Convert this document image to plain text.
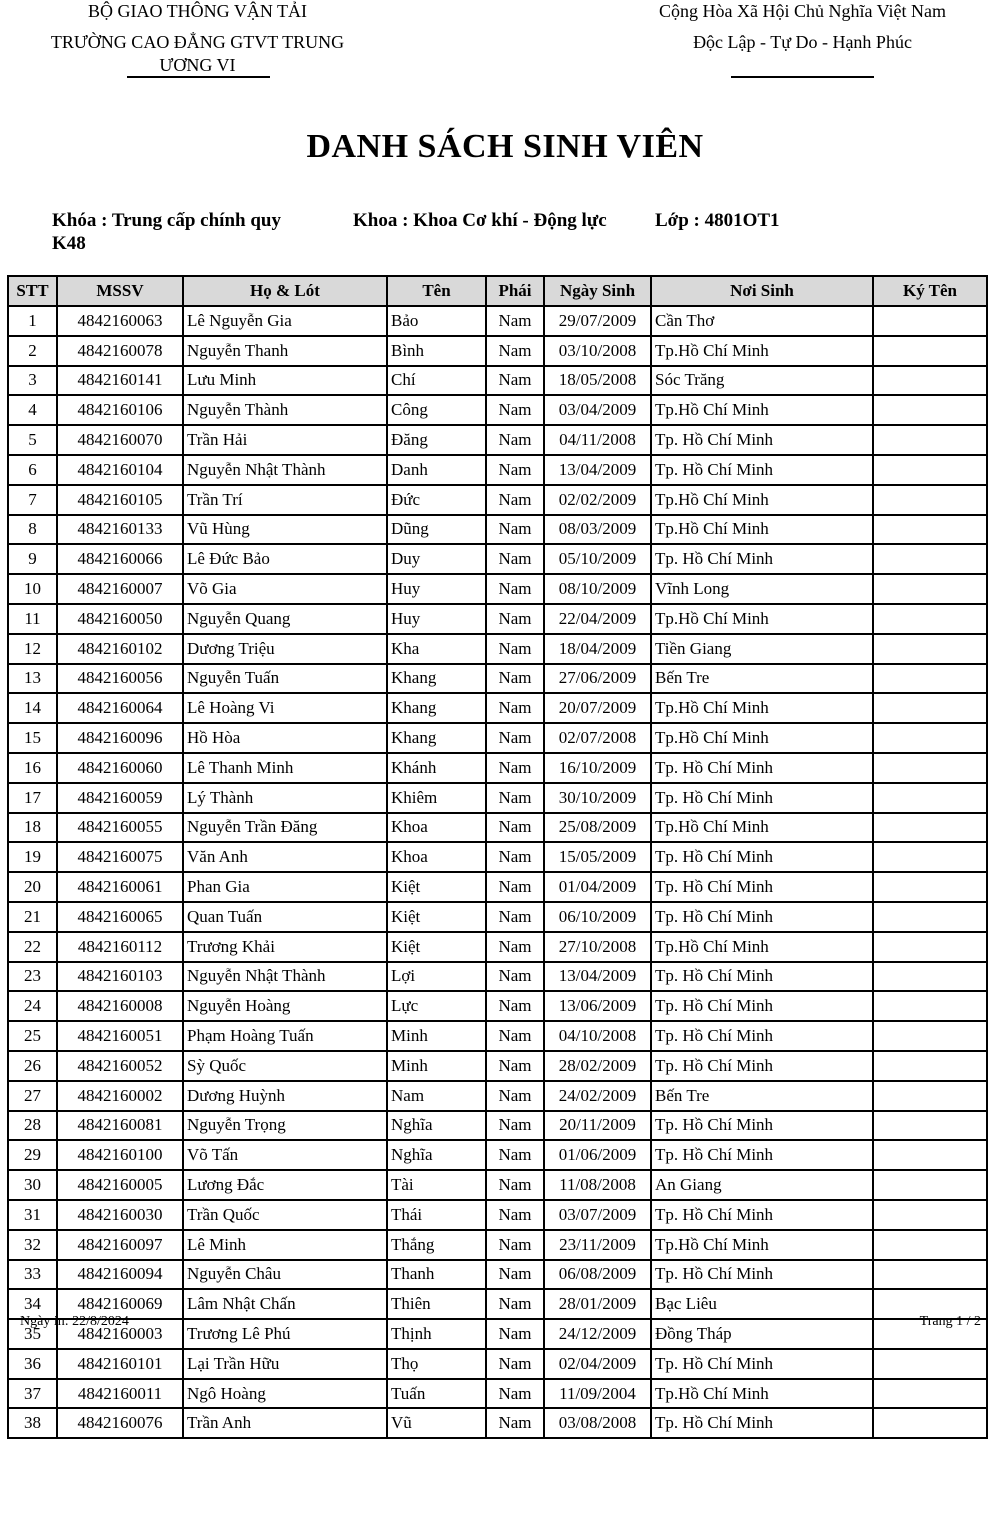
BỘ GIAO THÔNG VẬN TẢI
TRƯỜNG CAO ĐẲNG GTVT TRUNG
ƯƠNG VI
Cộng Hòa Xã Hội Chủ Nghĩa Việt Nam
Độc Lập - Tự Do - Hạnh Phúc
DANH SÁCH SINH VIÊN
Khóa : Trung cấp chính quy
K48
Khoa : Khoa Cơ khí - Động lực	Lớp : 4801OT1
STT	MSSV	Họ & Lót	Tên	Phái	Ngày Sinh	Nơi Sinh	Ký Tên
1	4842160063	Lê Nguyễn Gia	Bảo	Nam	29/07/2009	Cần Thơ	
2	4842160078	Nguyễn Thanh	Bình	Nam	03/10/2008	Tp.Hồ Chí Minh	
3	4842160141	Lưu Minh	Chí	Nam	18/05/2008	Sóc Trăng	
4	4842160106	Nguyễn Thành	Công	Nam	03/04/2009	Tp.Hồ Chí Minh	
5	4842160070	Trần Hải	Đăng	Nam	04/11/2008	Tp. Hồ Chí Minh	
6	4842160104	Nguyễn Nhật Thành	Danh	Nam	13/04/2009	Tp. Hồ Chí Minh	
7	4842160105	Trần Trí	Đức	Nam	02/02/2009	Tp.Hồ Chí Minh	
8	4842160133	Vũ Hùng	Dũng	Nam	08/03/2009	Tp.Hồ Chí Minh	
9	4842160066	Lê Đức Bảo	Duy	Nam	05/10/2009	Tp. Hồ Chí Minh	
10	4842160007	Võ Gia	Huy	Nam	08/10/2009	Vĩnh Long	
11	4842160050	Nguyễn Quang	Huy	Nam	22/04/2009	Tp.Hồ Chí Minh	
12	4842160102	Dương Triệu	Kha	Nam	18/04/2009	Tiền Giang	
13	4842160056	Nguyễn Tuấn	Khang	Nam	27/06/2009	Bến Tre	
14	4842160064	Lê Hoàng Vi	Khang	Nam	20/07/2009	Tp.Hồ Chí Minh	
15	4842160096	Hồ Hòa	Khang	Nam	02/07/2008	Tp.Hồ Chí Minh	
16	4842160060	Lê Thanh Minh	Khánh	Nam	16/10/2009	Tp. Hồ Chí Minh	
17	4842160059	Lý Thành	Khiêm	Nam	30/10/2009	Tp. Hồ Chí Minh	
18	4842160055	Nguyễn Trần Đăng	Khoa	Nam	25/08/2009	Tp.Hồ Chí Minh	
19	4842160075	Văn Anh	Khoa	Nam	15/05/2009	Tp. Hồ Chí Minh	
20	4842160061	Phan Gia	Kiệt	Nam	01/04/2009	Tp. Hồ Chí Minh	
21	4842160065	Quan Tuấn	Kiệt	Nam	06/10/2009	Tp. Hồ Chí Minh	
22	4842160112	Trương Khải	Kiệt	Nam	27/10/2008	Tp.Hồ Chí Minh	
23	4842160103	Nguyễn Nhật Thành	Lợi	Nam	13/04/2009	Tp. Hồ Chí Minh	
24	4842160008	Nguyễn Hoàng	Lực	Nam	13/06/2009	Tp. Hồ Chí Minh	
25	4842160051	Phạm Hoàng Tuấn	Minh	Nam	04/10/2008	Tp. Hồ Chí Minh	
26	4842160052	Sỳ Quốc	Minh	Nam	28/02/2009	Tp. Hồ Chí Minh	
27	4842160002	Dương Huỳnh	Nam	Nam	24/02/2009	Bến Tre	
28	4842160081	Nguyễn Trọng	Nghĩa	Nam	20/11/2009	Tp. Hồ Chí Minh	
29	4842160100	Võ Tấn	Nghĩa	Nam	01/06/2009	Tp. Hồ Chí Minh	
30	4842160005	Lương Đắc	Tài	Nam	11/08/2008	An Giang	
31	4842160030	Trần Quốc	Thái	Nam	03/07/2009	Tp. Hồ Chí Minh	
32	4842160097	Lê Minh	Thắng	Nam	23/11/2009	Tp.Hồ Chí Minh	
33	4842160094	Nguyễn Châu	Thanh	Nam	06/08/2009	Tp. Hồ Chí Minh	
34	4842160069	Lâm Nhật Chấn	Thiên	Nam	28/01/2009	Bạc Liêu	
35	4842160003	Trương Lê Phú	Thịnh	Nam	24/12/2009	Đồng Tháp	
36	4842160101	Lại Trần Hữu	Thọ	Nam	02/04/2009	Tp. Hồ Chí Minh	
37	4842160011	Ngô Hoàng	Tuấn	Nam	11/09/2004	Tp.Hồ Chí Minh	
38	4842160076	Trần Anh	Vũ	Nam	03/08/2008	Tp. Hồ Chí Minh	
Ngày in: 22/8/2024	Trang 1 / 2
